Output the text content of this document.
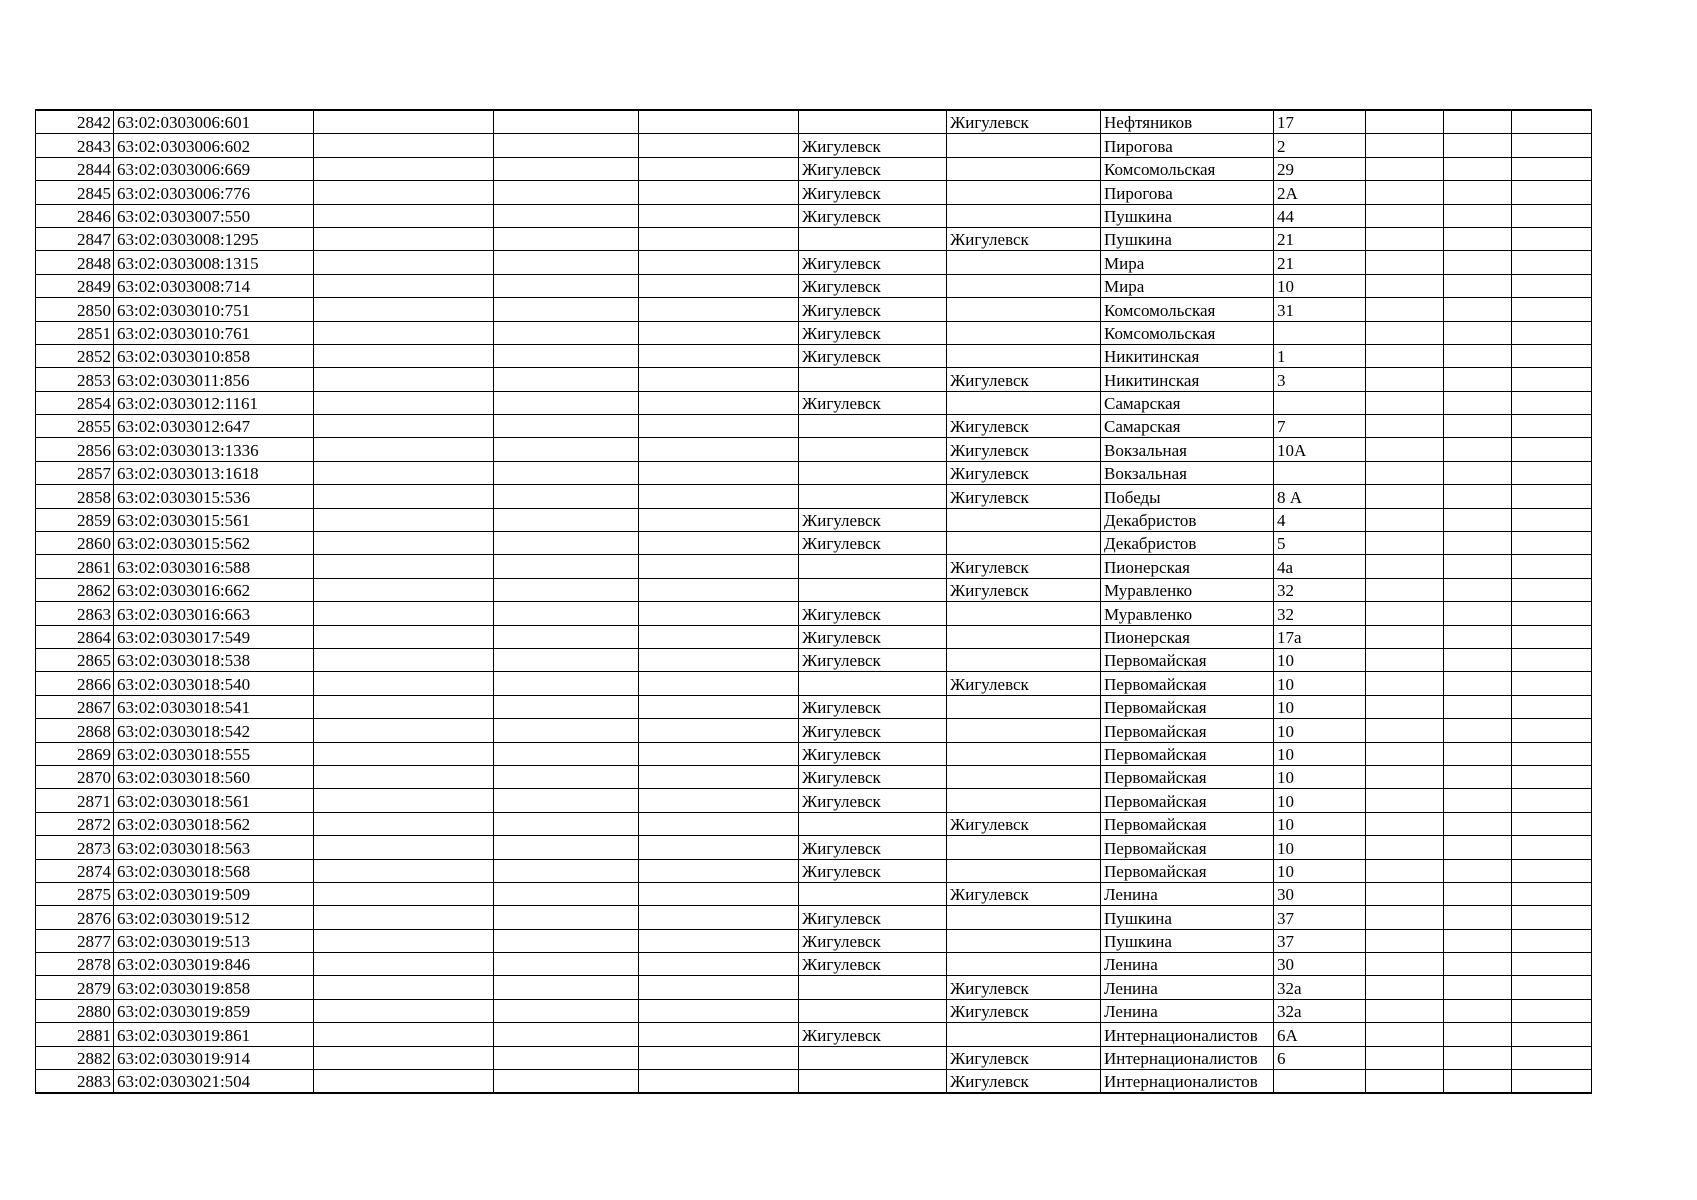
2842	63:02:0303006:601					Жигулевск	Нефтяников	17			
2843	63:02:0303006:602				Жигулевск		Пирогова	2			
2844	63:02:0303006:669				Жигулевск		Комсомольская	29			
2845	63:02:0303006:776				Жигулевск		Пирогова	2А			
2846	63:02:0303007:550				Жигулевск		Пушкина	44			
2847	63:02:0303008:1295					Жигулевск	Пушкина	21			
2848	63:02:0303008:1315				Жигулевск		Мира	21			
2849	63:02:0303008:714				Жигулевск		Мира	10			
2850	63:02:0303010:751				Жигулевск		Комсомольская	31			
2851	63:02:0303010:761				Жигулевск		Комсомольская				
2852	63:02:0303010:858				Жигулевск		Никитинская	1			
2853	63:02:0303011:856					Жигулевск	Никитинская	3			
2854	63:02:0303012:1161				Жигулевск		Самарская				
2855	63:02:0303012:647					Жигулевск	Самарская	7			
2856	63:02:0303013:1336					Жигулевск	Вокзальная	10А			
2857	63:02:0303013:1618					Жигулевск	Вокзальная				
2858	63:02:0303015:536					Жигулевск	Победы	8 А			
2859	63:02:0303015:561				Жигулевск		Декабристов	4			
2860	63:02:0303015:562				Жигулевск		Декабристов	5			
2861	63:02:0303016:588					Жигулевск	Пионерская	4а			
2862	63:02:0303016:662					Жигулевск	Муравленко	32			
2863	63:02:0303016:663				Жигулевск		Муравленко	32			
2864	63:02:0303017:549				Жигулевск		Пионерская	17а			
2865	63:02:0303018:538				Жигулевск		Первомайская	10			
2866	63:02:0303018:540					Жигулевск	Первомайская	10			
2867	63:02:0303018:541				Жигулевск		Первомайская	10			
2868	63:02:0303018:542				Жигулевск		Первомайская	10			
2869	63:02:0303018:555				Жигулевск		Первомайская	10			
2870	63:02:0303018:560				Жигулевск		Первомайская	10			
2871	63:02:0303018:561				Жигулевск		Первомайская	10			
2872	63:02:0303018:562					Жигулевск	Первомайская	10			
2873	63:02:0303018:563				Жигулевск		Первомайская	10			
2874	63:02:0303018:568				Жигулевск		Первомайская	10			
2875	63:02:0303019:509					Жигулевск	Ленина	30			
2876	63:02:0303019:512				Жигулевск		Пушкина	37			
2877	63:02:0303019:513				Жигулевск		Пушкина	37			
2878	63:02:0303019:846				Жигулевск		Ленина	30			
2879	63:02:0303019:858					Жигулевск	Ленина	32а			
2880	63:02:0303019:859					Жигулевск	Ленина	32а			
2881	63:02:0303019:861				Жигулевск		Интернационалистов	6А			
2882	63:02:0303019:914					Жигулевск	Интернационалистов	6			
2883	63:02:0303021:504					Жигулевск	Интернационалистов				
